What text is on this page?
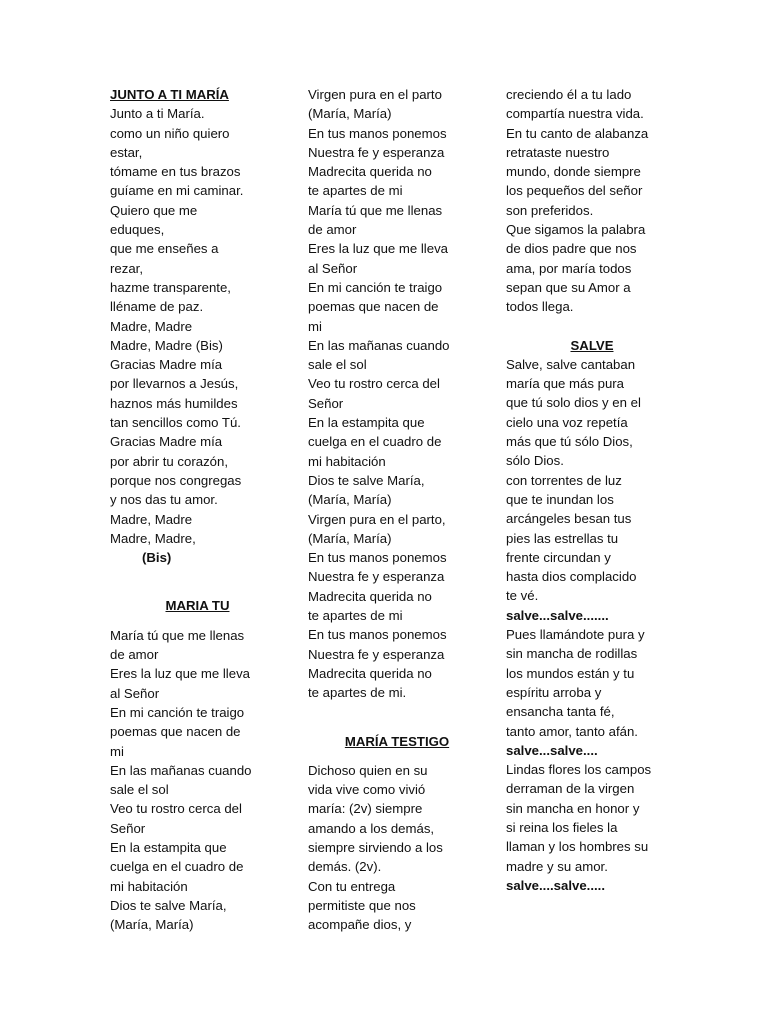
JUNTO A TI MARÍA
Junto a ti María.
como un niño quiero
estar,
tómame en tus brazos
guíame en mi caminar.
Quiero que me
eduques,
que me enseñes a
rezar,
hazme transparente,
lléname de paz.
Madre, Madre
Madre, Madre (Bis)
Gracias Madre mía
por llevarnos a Jesús,
haznos más humildes
tan sencillos como Tú.
Gracias Madre mía
por abrir tu corazón,
porque nos congregas
y nos das tu amor.
Madre, Madre
Madre, Madre,
(Bis)
MARIA TU
María tú que me llenas
de amor
Eres la luz que me lleva
al Señor
En mi canción te traigo
poemas que nacen de
mi
En las mañanas cuando
sale el sol
Veo tu rostro cerca del
Señor
En la estampita que
cuelga en el cuadro de
mi habitación
Dios te salve María,
(María, María)
Virgen pura en el parto
(María, María)
En tus manos ponemos
Nuestra fe y esperanza
Madrecita querida no
te apartes de mi
María tú que me llenas
de amor
Eres la luz que me lleva
al Señor
En mi canción te traigo
poemas que nacen de
mi
En las mañanas cuando
sale el sol
Veo tu rostro cerca del
Señor
En la estampita que
cuelga en el cuadro de
mi habitación
Dios te salve María,
(María, María)
Virgen pura en el parto,
(María, María)
En tus manos ponemos
Nuestra fe y esperanza
Madrecita querida no
te apartes de mi
En tus manos ponemos
Nuestra fe y esperanza
Madrecita querida no
te apartes de mi.
MARÍA TESTIGO
Dichoso quien en su
vida vive como vivió
maría: (2v) siempre
amando a los demás,
siempre sirviendo a los
demás. (2v).
Con tu entrega
permitiste que nos
acompañe dios, y
creciendo él a tu lado
compartía nuestra vida.
En tu canto de alabanza
retrataste nuestro
mundo, donde siempre
los pequeños del señor
son preferidos.
Que sigamos la palabra
de dios padre que nos
ama, por maría todos
sepan que su Amor a
todos llega.
SALVE
Salve, salve cantaban
maría que más pura
que tú solo dios y en el
cielo una voz repetía
más que tú sólo Dios,
sólo Dios.
con torrentes de luz
que te inundan los
arcángeles besan tus
pies las estrellas tu
frente circundan y
hasta dios complacido
te vé.
salve...salve.......
Pues llamándote pura y
sin mancha de rodillas
los mundos están y tu
espíritu arroba y
ensancha tanta fé,
tanto amor, tanto afán.
salve...salve....
Lindas flores los campos
derraman de la virgen
sin mancha en honor y
si reina los fieles la
llaman y los hombres su
madre y su amor.
salve....salve.....
